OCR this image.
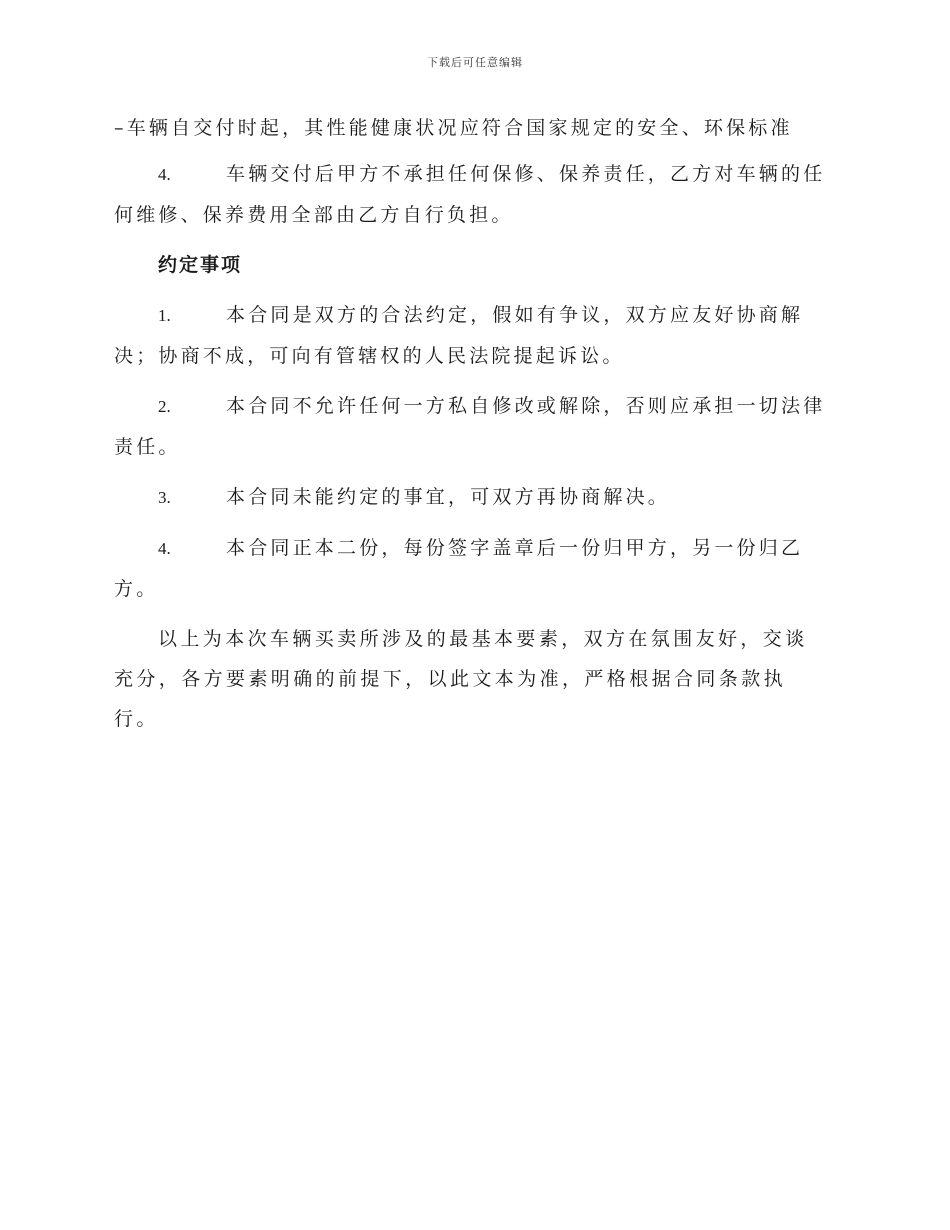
下载后可任意编辑

–车辆自交付时起，其性能健康状况应符合国家规定的安全、环保标准

4.	车辆交付后甲方不承担任何保修、保养责任，乙方对车辆的任何维修、保养费用全部由乙方自行负担。

约定事项

1.	本合同是双方的合法约定，假如有争议，双方应友好协商解决；协商不成，可向有管辖权的人民法院提起诉讼。

2.	本合同不允许任何一方私自修改或解除，否则应承担一切法律责任。

3.	本合同未能约定的事宜，可双方再协商解决。

4.	本合同正本二份，每份签字盖章后一份归甲方，另一份归乙方。

以上为本次车辆买卖所涉及的最基本要素，双方在氛围友好，交谈充分，各方要素明确的前提下，以此文本为准，严格根据合同条款执行。
